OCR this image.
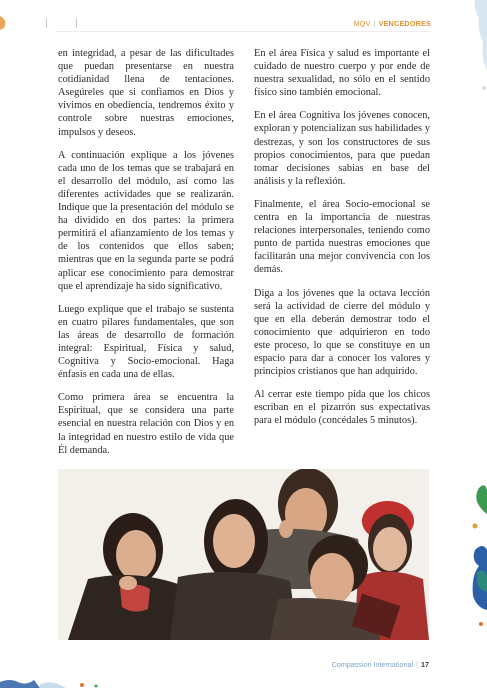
MQV | VENCEDORES

en integridad, a pesar de las dificultades que puedan presentarse en nuestra cotidianidad llena de tentaciones. Asegúreles que si confiamos en Dios y vivimos en obediencia, tendremos éxito y controle sobre nuestras emociones, impulsos y deseos.

A continuación explique a los jóvenes cada uno de los temas que se trabajará en el desarrollo del módulo, así como las diferentes actividades que se realizarán. Indique que la presentación del módulo se ha dividido en dos partes: la primera permitirá el afianzamiento de los temas y de los contenidos que ellos saben; mientras que en la segunda parte se podrá aplicar ese conocimiento para demostrar que el aprendizaje ha sido significativo.

Luego explique que el trabajo se sustenta en cuatro pilares fundamentales, que son las áreas de desarrollo de formación integral: Espiritual, Física y salud, Cognitiva y Socio-emocional. Haga énfasis en cada una de ellas.

Como primera área se encuentra la Espiritual, que se considera una parte esencial en nuestra relación con Dios y en la integridad en nuestro estilo de vida que Él demanda.

En el área Física y salud es importante el cuidado de nuestro cuerpo y por ende de nuestra sexualidad, no sólo en el sentido físico sino también emocional.

En el área Cognitiva los jóvenes conocen, exploran y potencializan sus habilidades y destrezas, y son los constructores de sus propios conocimientos, para que puedan tomar decisiones sabias en base del análisis y la reflexión.

Finalmente, el área Socio-emocional se centra en la importancia de nuestras relaciones interpersonales, teniendo como punto de partida nuestras emociones que facilitarán una mejor convivencia con los demás.

Diga a los jóvenes que la octava lección será la actividad de cierre del módulo y que en ella deberán demostrar todo el conocimiento que adquirieron en todo este proceso, lo que se constituye en un espacio para dar a conocer los valores y principios cristianos que han adquirido.

Al cerrar este tiempo pida que los chicos escriban en el pizarrón sus expectativas para el módulo (concédales 5 minutos).

Compassion International | 17
